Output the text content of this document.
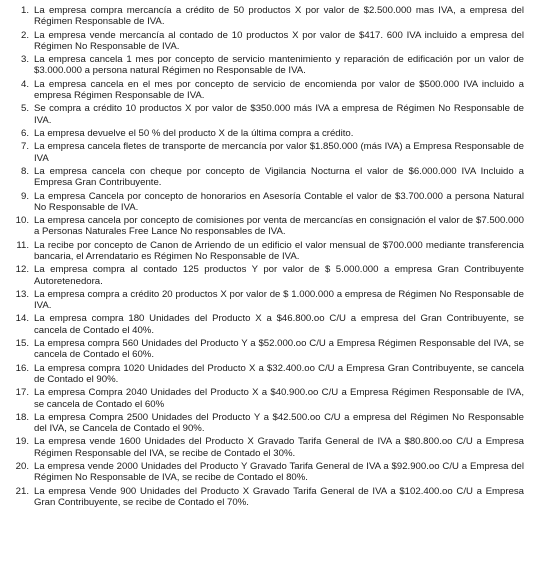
1. La empresa compra mercancía a crédito de 50 productos X por valor de $2.500.000 mas IVA, a empresa del Régimen Responsable de IVA.
2. La empresa vende mercancía al contado de 10 productos X por valor de $417. 600 IVA incluido a empresa del Régimen No Responsable de IVA.
3. La empresa cancela 1 mes por concepto de servicio mantenimiento y reparación de edificación por un valor de $3.000.000 a persona natural Régimen no Responsable de IVA.
4. La empresa cancela en el mes por concepto de servicio de encomienda por valor de $500.000 IVA incluido a empresa Régimen Responsable de IVA.
5. Se compra a crédito 10 productos X por valor de $350.000 más IVA a empresa de Régimen No Responsable de IVA.
6. La empresa devuelve el 50 % del producto X de la última compra a crédito.
7. La empresa cancela fletes de transporte de mercancía por valor $1.850.000 (más IVA) a Empresa Responsable de IVA
8. La empresa cancela con cheque por concepto de Vigilancia Nocturna el valor de $6.000.000 IVA Incluido a Empresa Gran Contribuyente.
9. La empresa Cancela por concepto de honorarios en Asesoría Contable el valor de $3.700.000 a persona Natural No Responsable de IVA.
10. La empresa cancela por concepto de comisiones por venta de mercancías en consignación el valor de $7.500.000 a Personas Naturales Free Lance No responsables de IVA.
11. La recibe por concepto de Canon de Arriendo de un edificio el valor mensual de $700.000 mediante transferencia bancaria, el Arrendatario es Régimen No Responsable de IVA.
12. La empresa compra al contado 125 productos Y por valor de $ 5.000.000 a empresa Gran Contribuyente Autoretenedora.
13. La empresa compra a crédito 20 productos X por valor de $ 1.000.000 a empresa de Régimen No Responsable de IVA.
14. La empresa compra 180 Unidades del Producto X a $46.800.oo C/U a empresa del Gran Contribuyente, se cancela de Contado el 40%.
15. La empresa compra 560 Unidades del Producto Y a $52.000.oo C/U a Empresa Régimen Responsable del IVA, se cancela de Contado el 60%.
16. La empresa compra 1020 Unidades del Producto X a $32.400.oo C/U a Empresa Gran Contribuyente, se cancela de Contado el 90%.
17. La empresa Compra 2040 Unidades del Producto X a $40.900.oo C/U a Empresa Régimen Responsable de IVA, se cancela de Contado el 60%
18. La empresa Compra 2500 Unidades del Producto Y a $42.500.oo C/U a empresa del Régimen No Responsable del IVA, se Cancela de Contado el 90%.
19. La empresa vende 1600 Unidades del Producto X Gravado Tarifa General de IVA a $80.800.oo C/U a Empresa Régimen Responsable del IVA, se recibe de Contado el 30%.
20. La empresa vende 2000 Unidades del Producto Y Gravado Tarifa General de IVA a $92.900.oo C/U a Empresa del Régimen No Responsable de IVA, se recibe de Contado el 80%.
21. La empresa Vende 900 Unidades del Producto X Gravado Tarifa General de IVA a $102.400.oo C/U a Empresa Gran Contribuyente, se recibe de Contado el 70%.
